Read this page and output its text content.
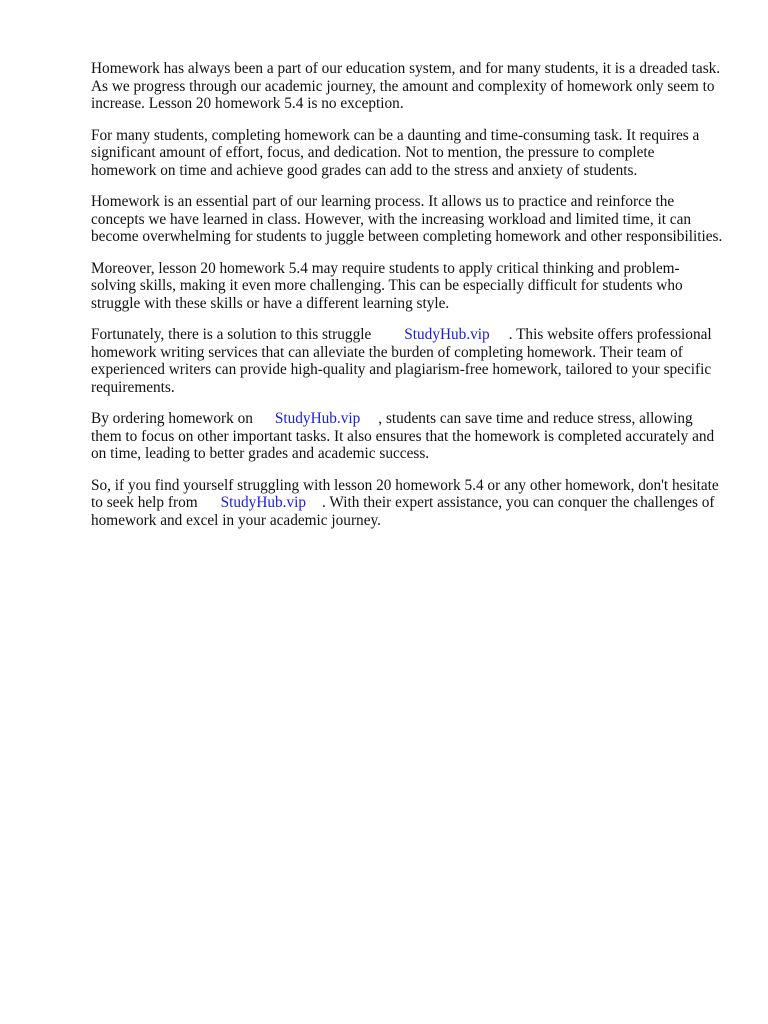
Homework has always been a part of our education system, and for many students, it is a dreaded task. As we progress through our academic journey, the amount and complexity of homework only seem to increase. Lesson 20 homework 5.4 is no exception.

For many students, completing homework can be a daunting and time-consuming task. It requires a significant amount of effort, focus, and dedication. Not to mention, the pressure to complete homework on time and achieve good grades can add to the stress and anxiety of students.

Homework is an essential part of our learning process. It allows us to practice and reinforce the concepts we have learned in class. However, with the increasing workload and limited time, it can become overwhelming for students to juggle between completing homework and other responsibilities.

Moreover, lesson 20 homework 5.4 may require students to apply critical thinking and problem-solving skills, making it even more challenging. This can be especially difficult for students who struggle with these skills or have a different learning style.

Fortunately, there is a solution to this struggle StudyHub.vip . This website offers professional homework writing services that can alleviate the burden of completing homework. Their team of experienced writers can provide high-quality and plagiarism-free homework, tailored to your specific requirements.

By ordering homework on StudyHub.vip , students can save time and reduce stress, allowing them to focus on other important tasks. It also ensures that the homework is completed accurately and on time, leading to better grades and academic success.

So, if you find yourself struggling with lesson 20 homework 5.4 or any other homework, don't hesitate to seek help from StudyHub.vip . With their expert assistance, you can conquer the challenges of homework and excel in your academic journey.
